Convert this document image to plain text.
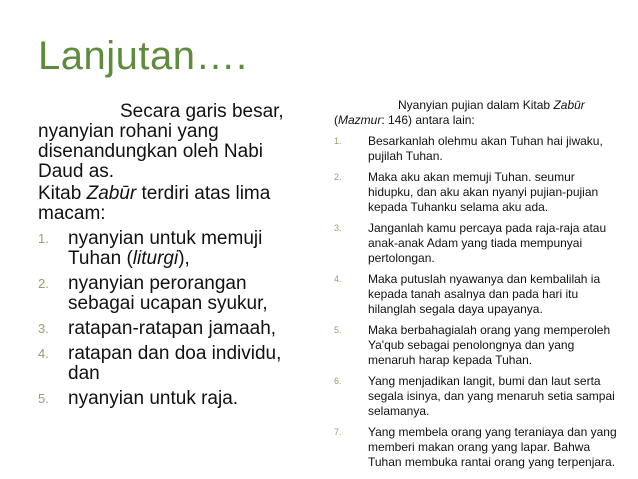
Lanjutan….

Secara garis besar, nyanyian rohani yang disenandungkan oleh Nabi Daud as.

Kitab Zabūr terdiri atas lima macam:

1.	nyanyian untuk memuji Tuhan (liturgi),
2.	nyanyian perorangan sebagai ucapan syukur,
3.	ratapan-ratapan jamaah,
4.	ratapan dan doa individu, dan
5.	nyanyian untuk raja.

Nyanyian pujian dalam Kitab Zabūr
(Mazmur: 146) antara lain:

1.	Besarkanlah olehmu akan Tuhan hai jiwaku, pujilah Tuhan.
2.	Maka aku akan memuji Tuhan. seumur hidupku, dan aku akan nyanyi pujian-pujian kepada Tuhanku selama aku ada.
3.	Janganlah kamu percaya pada raja-raja atau anak-anak Adam yang tiada mempunyai pertolongan.
4.	Maka putuslah nyawanya dan kembalilah ia kepada tanah asalnya dan pada hari itu hilanglah segala daya upayanya.
5.	Maka berbahagialah orang yang memperoleh Ya'qub sebagai penolongnya dan yang menaruh harap kepada Tuhan.
6.	Yang menjadikan langit, bumi dan laut serta segala isinya, dan yang menaruh setia sampai selamanya.
7.	Yang membela orang yang teraniaya dan yang memberi makan orang yang lapar. Bahwa Tuhan membuka rantai orang yang terpenjara.
